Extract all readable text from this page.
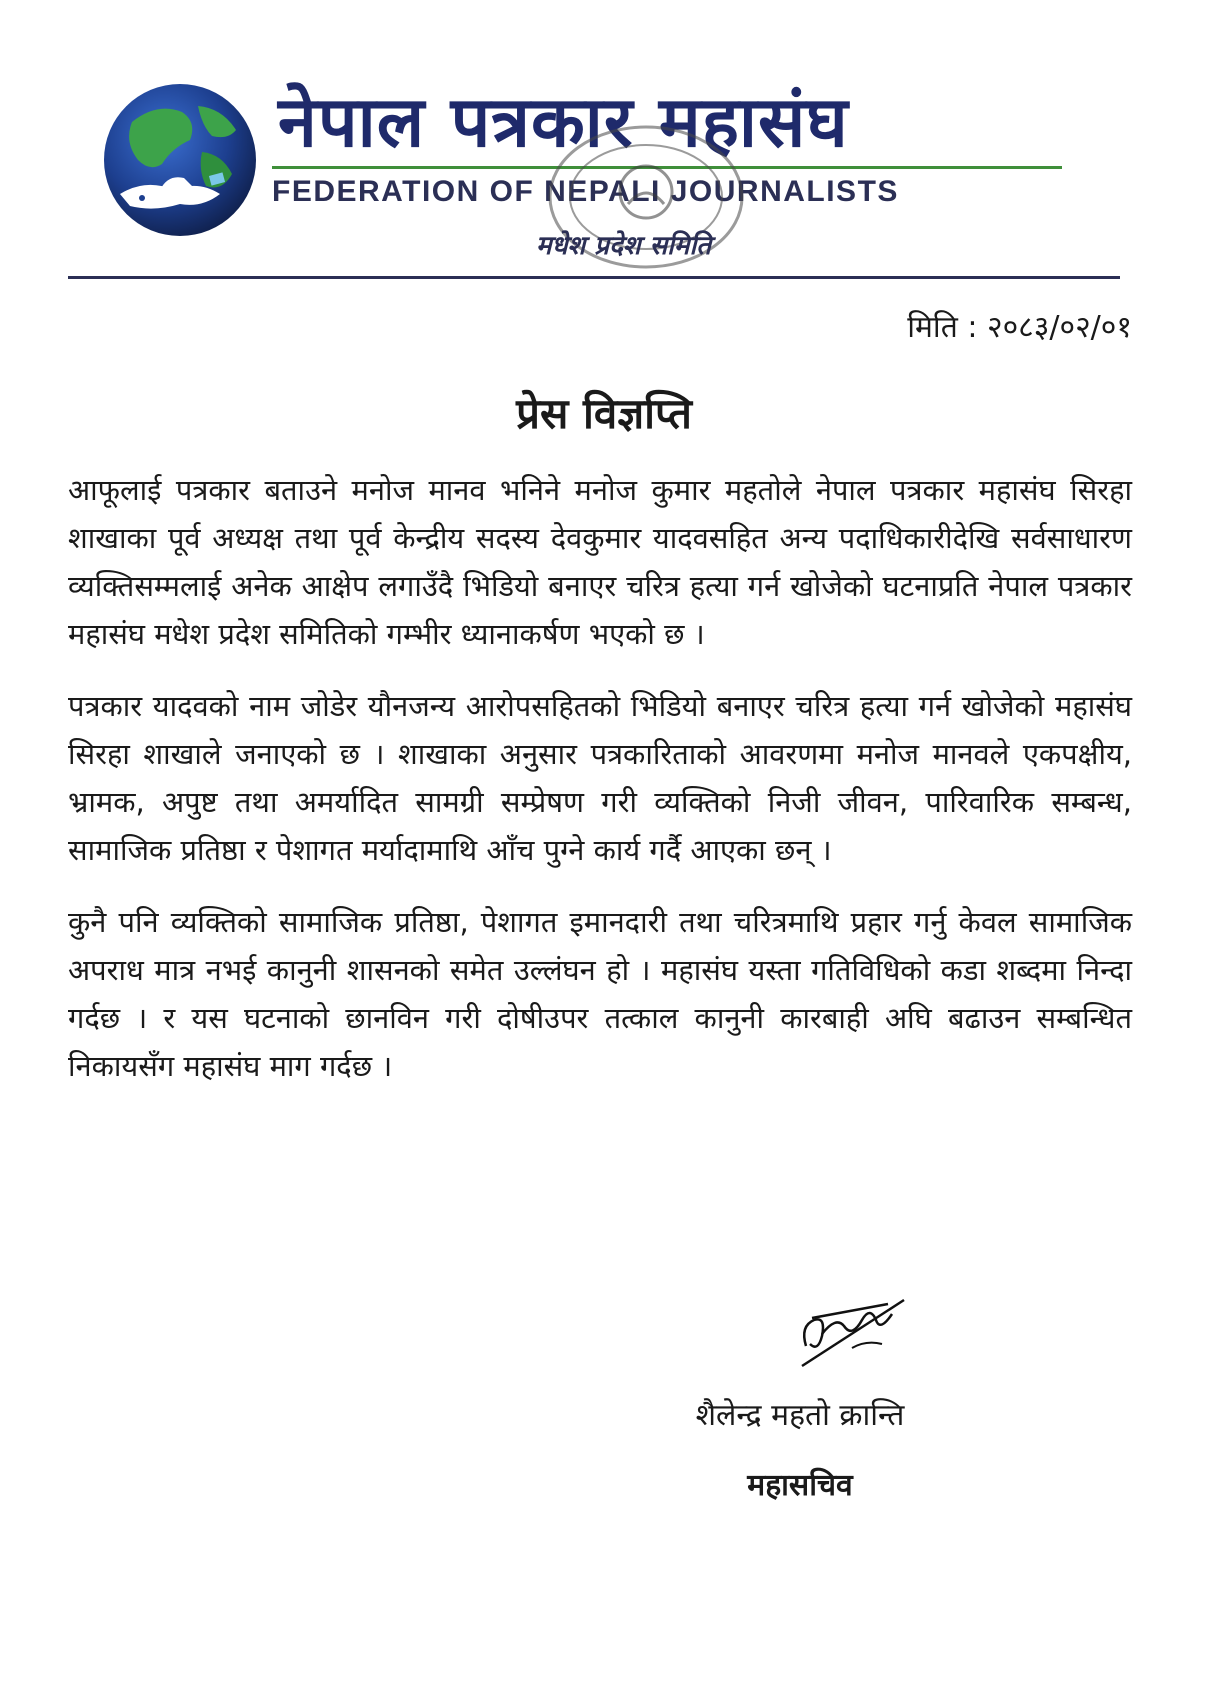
नेपाल पत्रकार महासंघ
FEDERATION OF NEPALI JOURNALISTS
मधेश प्रदेश समिति
मिति : २०८३/०२/०१
प्रेस विज्ञप्ति

आफूलाई पत्रकार बताउने मनोज मानव भनिने मनोज कुमार महतोले नेपाल पत्रकार महासंघ सिरहा शाखाका पूर्व अध्यक्ष तथा पूर्व केन्द्रीय सदस्य देवकुमार यादवसहित अन्य पदाधिकारीदेखि सर्वसाधारण व्यक्तिसम्मलाई अनेक आक्षेप लगाउँदै भिडियो बनाएर चरित्र हत्या गर्न खोजेको घटनाप्रति नेपाल पत्रकार महासंघ मधेश प्रदेश समितिको गम्भीर ध्यानाकर्षण भएको छ ।

पत्रकार यादवको नाम जोडेर यौनजन्य आरोपसहितको भिडियो बनाएर चरित्र हत्या गर्न खोजेको महासंघ सिरहा शाखाले जनाएको छ । शाखाका अनुसार पत्रकारिताको आवरणमा मनोज मानवले एकपक्षीय, भ्रामक, अपुष्ट तथा अमर्यादित सामग्री सम्प्रेषण गरी व्यक्तिको निजी जीवन, पारिवारिक सम्बन्ध, सामाजिक प्रतिष्ठा र पेशागत मर्यादामाथि आँच पुग्ने कार्य गर्दै आएका छन् ।

कुनै पनि व्यक्तिको सामाजिक प्रतिष्ठा, पेशागत इमानदारी तथा चरित्रमाथि प्रहार गर्नु केवल सामाजिक अपराध मात्र नभई कानुनी शासनको समेत उल्लंघन हो । महासंघ यस्ता गतिविधिको कडा शब्दमा निन्दा गर्दछ । र यस घटनाको छानविन गरी दोषीउपर तत्काल कानुनी कारबाही अघि बढाउन सम्बन्धित निकायसँग महासंघ माग गर्दछ ।

शैलेन्द्र महतो क्रान्ति
महासचिव
